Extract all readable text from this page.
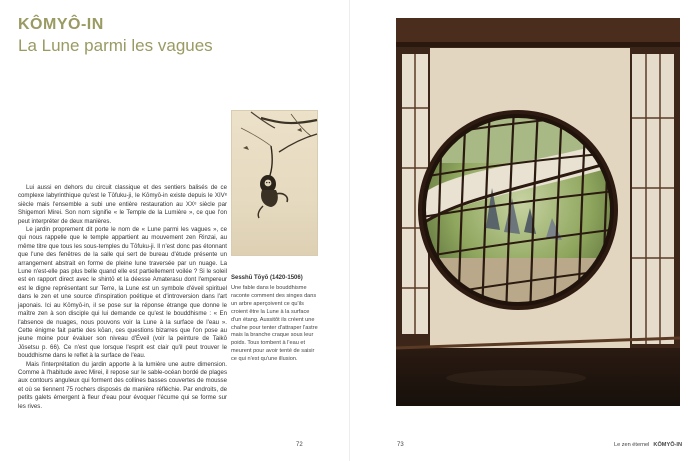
KÔMYÔ-IN
La Lune parmi les vagues

Lui aussi en dehors du circuit classique et des sentiers balisés de ce complexe labyrinthique qu'est le Tōfuku-ji, le Kōmyō-in existe depuis le XIVᵉ siècle mais l'ensemble a subi une entière restauration au XXᵉ siècle par Shigemori Mirei. Son nom signifie « le Temple de la Lumière », ce que l'on peut interpréter de deux manières.

Le jardin proprement dit porte le nom de « Lune parmi les vagues », ce qui nous rappelle que le temple appartient au mouvement zen Rinzai, au même titre que tous les sous-temples du Tōfuku-ji. Il n'est donc pas étonnant que l'une des fenêtres de la salle qui sert de bureau d'étude présente un arrangement abstrait en forme de pleine lune traversée par un nuage. La Lune n'est-elle pas plus belle quand elle est partiellement voilée ? Si le soleil est en rapport direct avec le shintō et la déesse Amaterasu dont l'empereur est le digne représentant sur Terre, la Lune est un symbole d'éveil spirituel dans le zen et une source d'inspiration poétique et d'introversion dans l'art japonais. Ici au Kōmyō-in, il se pose sur la réponse étrange que donne le maître zen à son disciple qui lui demande ce qu'est le bouddhisme : « En l'absence de nuages, nous pouvons voir la Lune à la surface de l'eau ». Cette énigme fait partie des kōan, ces questions bizarres que l'on pose au jeune moine pour évaluer son niveau d'Éveil (voir la peinture de Taikō Jōsetsu p. 66). Ce n'est que lorsque l'esprit est clair qu'il peut trouver le bouddhisme dans le reflet à la surface de l'eau.

Mais l'interprétation du jardin apporte à la lumière une autre dimension. Comme à l'habitude avec Mirei, il repose sur le sable-océan bordé de plages aux contours anguleux qui forment des collines basses couvertes de mousse et où se tiennent 75 rochers disposés de manière réfléchie. Par endroits, de petits galets émergent à fleur d'eau pour évoquer l'écume qui se forme sur les rives.

Sesshū Tōyō (1420-1506)
Une fable dans le bouddhisme raconte comment des singes dans un arbre aperçoivent ce qu'ils croient être la Lune à la surface d'un étang. Aussitôt ils créent une chaîne pour tenter d'attraper l'astre mais la branche craque sous leur poids. Tous tombent à l'eau et meurent pour avoir tenté de saisir ce qui n'est qu'une illusion.
72	73	Le zen éternel KÔMYÔ-IN
